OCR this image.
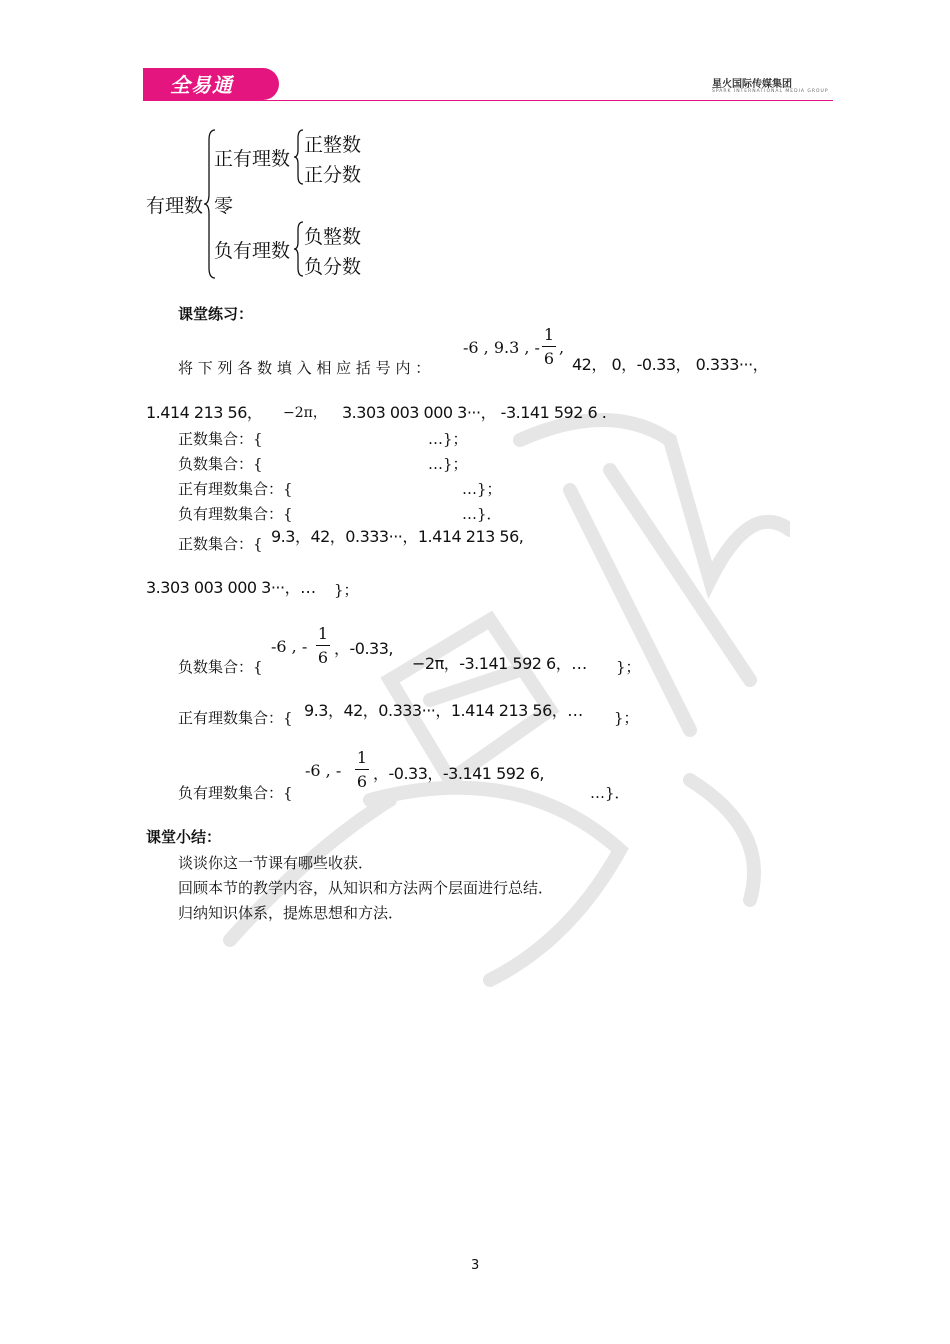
全易通	星火国际传媒集团
SPARK INTERNATIONAL MEDIA GROUP
有理数
正有理数
正整数
正分数
零
负有理数
负整数
负分数
课堂练习：
将 下 列 各 数 填 入 相 应 括 号 内 ：
-6 , 9.3 , -
1
6
,
42， 0，-0.33， 0.333···，
1.414 213 56， −2π， 3.303 003 000 3···， -3.141 592 6 .
正数集合：{	…}；
负数集合：{	…}；
正有理数集合：{	…}；
负有理数集合：{	…}．
正数集合：{ 9.3，42，0.333···，1.414 213 56,
3.303 003 000 3···，… }；
负数集合：{
-6 , -
1
6 ，-0.33,
−2π，-3.141 592 6，… }；
正有理数集合：{ 9.3，42，0.333···，1.414 213 56，… }；
负有理数集合：{
-6 , -
1
6 ，-0.33，-3.141 592 6,
…}．
课堂小结：
谈谈你这一节课有哪些收获．
回顾本节的教学内容，从知识和方法两个层面进行总结．
归纳知识体系，提炼思想和方法．
3
